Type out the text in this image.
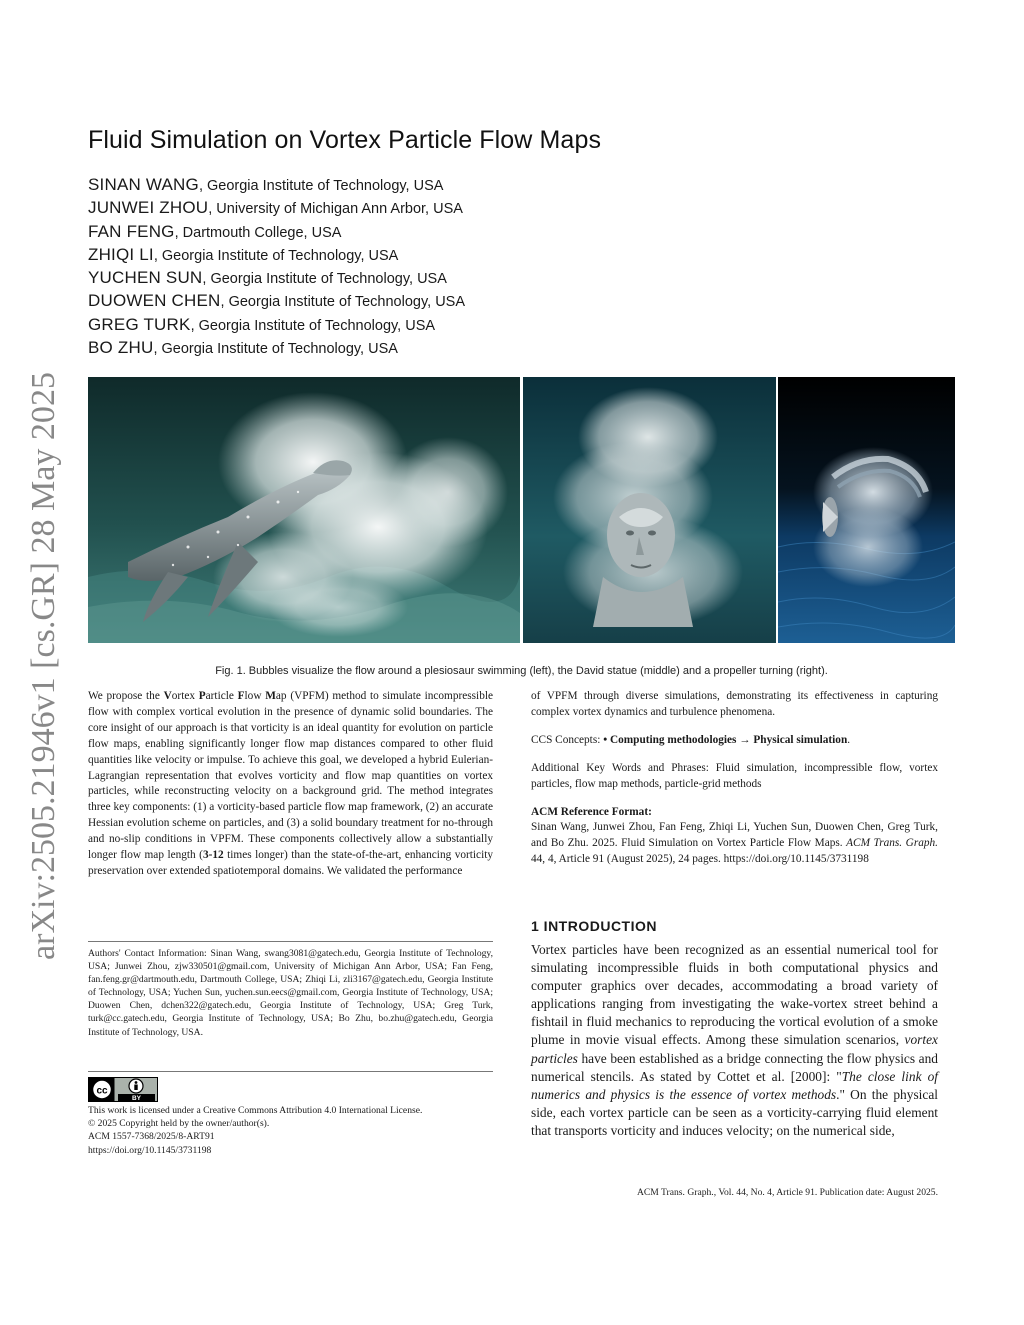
arXiv:2505.21946v1 [cs.GR] 28 May 2025
Fluid Simulation on Vortex Particle Flow Maps
SINAN WANG, Georgia Institute of Technology, USA
JUNWEI ZHOU, University of Michigan Ann Arbor, USA
FAN FENG, Dartmouth College, USA
ZHIQI LI, Georgia Institute of Technology, USA
YUCHEN SUN, Georgia Institute of Technology, USA
DUOWEN CHEN, Georgia Institute of Technology, USA
GREG TURK, Georgia Institute of Technology, USA
BO ZHU, Georgia Institute of Technology, USA
Fig. 1. Bubbles visualize the flow around a plesiosaur swimming (left), the David statue (middle) and a propeller turning (right).

We propose the Vortex Particle Flow Map (VPFM) method to simulate incompressible flow with complex vortical evolution in the presence of dynamic solid boundaries. The core insight of our approach is that vorticity is an ideal quantity for evolution on particle flow maps, enabling significantly longer flow map distances compared to other fluid quantities like velocity or impulse. To achieve this goal, we developed a hybrid Eulerian-Lagrangian representation that evolves vorticity and flow map quantities on vortex particles, while reconstructing velocity on a background grid. The method integrates three key components: (1) a vorticity-based particle flow map framework, (2) an accurate Hessian evolution scheme on particles, and (3) a solid boundary treatment for no-through and no-slip conditions in VPFM. These components collectively allow a substantially longer flow map length (3-12 times longer) than the state-of-the-art, enhancing vorticity preservation over extended spatiotemporal domains. We validated the performance

of VPFM through diverse simulations, demonstrating its effectiveness in capturing complex vortex dynamics and turbulence phenomena.

CCS Concepts: • Computing methodologies → Physical simulation.

Additional Key Words and Phrases: Fluid simulation, incompressible flow, vortex particles, flow map methods, particle-grid methods

ACM Reference Format:

Sinan Wang, Junwei Zhou, Fan Feng, Zhiqi Li, Yuchen Sun, Duowen Chen, Greg Turk, and Bo Zhu. 2025. Fluid Simulation on Vortex Particle Flow Maps. ACM Trans. Graph. 44, 4, Article 91 (August 2025), 24 pages. https://doi.org/10.1145/3731198

Authors' Contact Information: Sinan Wang, swang3081@gatech.edu, Georgia Institute of Technology, USA; Junwei Zhou, zjw330501@gmail.com, University of Michigan Ann Arbor, USA; Fan Feng, fan.feng.gr@dartmouth.edu, Dartmouth College, USA; Zhiqi Li, zli3167@gatech.edu, Georgia Institute of Technology, USA; Yuchen Sun, yuchen.sun.eecs@gmail.com, Georgia Institute of Technology, USA; Duowen Chen, dchen322@gatech.edu, Georgia Institute of Technology, USA; Greg Turk, turk@cc.gatech.edu, Georgia Institute of Technology, USA; Bo Zhu, bo.zhu@gatech.edu, Georgia Institute of Technology, USA.

cc
BY
This work is licensed under a Creative Commons Attribution 4.0 International License.
© 2025 Copyright held by the owner/author(s).
ACM 1557-7368/2025/8-ART91
https://doi.org/10.1145/3731198
1 INTRODUCTION

Vortex particles have been recognized as an essential numerical tool for simulating incompressible fluids in both computational physics and computer graphics over decades, accommodating a broad variety of applications ranging from investigating the wake-vortex street behind a fishtail in fluid mechanics to reproducing the vortical evolution of a smoke plume in movie visual effects. Among these simulation scenarios, vortex particles have been established as a bridge connecting the flow physics and numerical stencils. As stated by Cottet et al. [2000]: "The close link of numerics and physics is the essence of vortex methods." On the physical side, each vortex particle can be seen as a vorticity-carrying fluid element that transports vorticity and induces velocity; on the numerical side,

ACM Trans. Graph., Vol. 44, No. 4, Article 91. Publication date: August 2025.
